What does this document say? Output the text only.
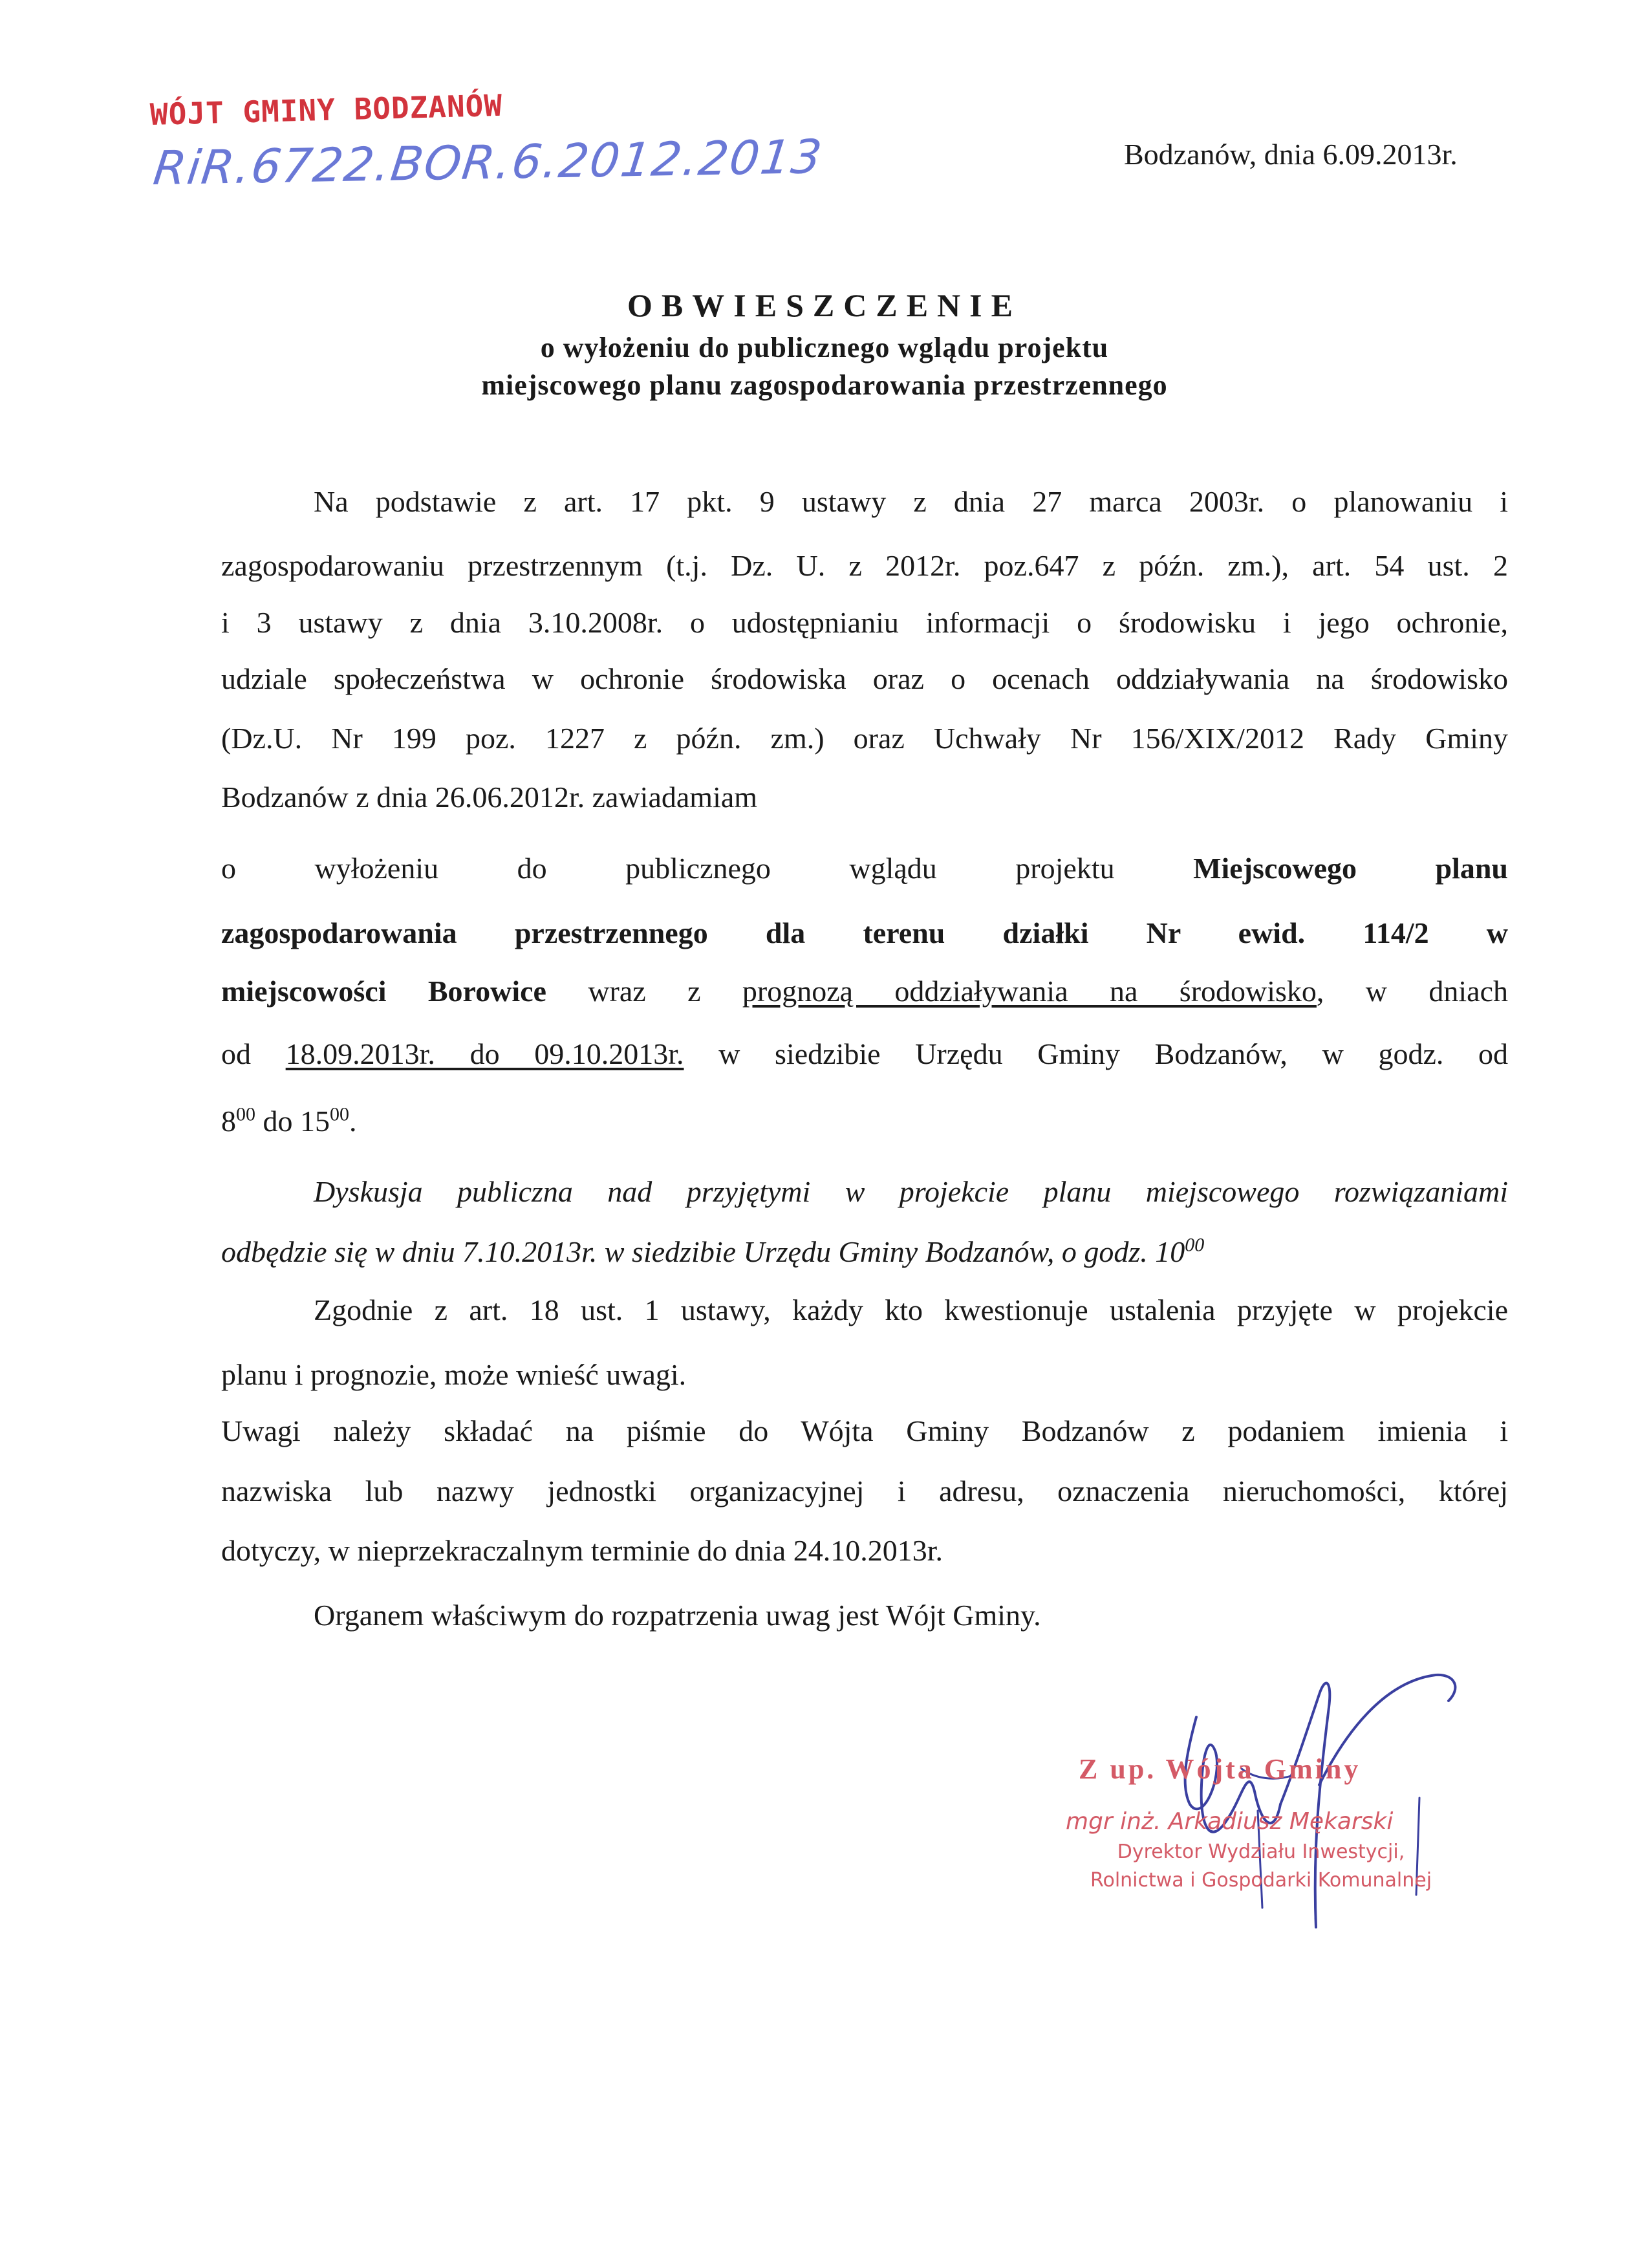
WÓJT GMINY BODZANÓW
RiR.6722.BOR.6.2012.2013	Bodzanów, dnia 6.09.2013r.
OBWIESZCZENIE
o wyłożeniu do publicznego wglądu projektu
miejscowego planu zagospodarowania przestrzennego
Na podstawie z art. 17 pkt. 9 ustawy z dnia 27 marca 2003r. o planowaniu i
zagospodarowaniu przestrzennym (t.j. Dz. U. z 2012r. poz.647 z późn. zm.), art. 54 ust. 2
i 3 ustawy z dnia 3.10.2008r. o udostępnianiu informacji o środowisku i jego ochronie,
udziale społeczeństwa w ochronie środowiska oraz o ocenach oddziaływania na środowisko
(Dz.U. Nr 199 poz. 1227 z późn. zm.) oraz Uchwały Nr 156/XIX/2012 Rady Gminy
Bodzanów z dnia 26.06.2012r. zawiadamiam
o wyłożeniu do publicznego wglądu projektu	Miejscowego planu
zagospodarowania przestrzennego dla terenu działki Nr ewid. 114/2 w
miejscowości Borowice wraz z prognozą oddziaływania na środowisko, w dniach
od 18.09.2013r. do 09.10.2013r. w siedzibie Urzędu Gminy Bodzanów, w godz. od
$8^{00}$ do $15^{00}$.
Dyskusja publiczna nad przyjętymi w projekcie planu miejscowego rozwiązaniami
odbędzie się w dniu 7.10.2013r. w siedzibie Urzędu Gminy Bodzanów, o godz. $10^{00}$
Zgodnie z art. 18 ust. 1 ustawy, każdy kto kwestionuje ustalenia przyjęte w projekcie
planu i prognozie, może wnieść uwagi.
Uwagi należy składać na piśmie do Wójta Gminy Bodzanów z podaniem imienia i
nazwiska lub nazwy jednostki organizacyjnej i adresu, oznaczenia nieruchomości, której
dotyczy, w nieprzekraczalnym terminie do dnia 24.10.2013r.
Organem właściwym do rozpatrzenia uwag jest Wójt Gminy.
Z up. Wójta Gminy
mgr inż. Arkadiusz Mękarski
Dyrektor Wydziału Inwestycji,
Rolnictwa i Gospodarki Komunalnej
